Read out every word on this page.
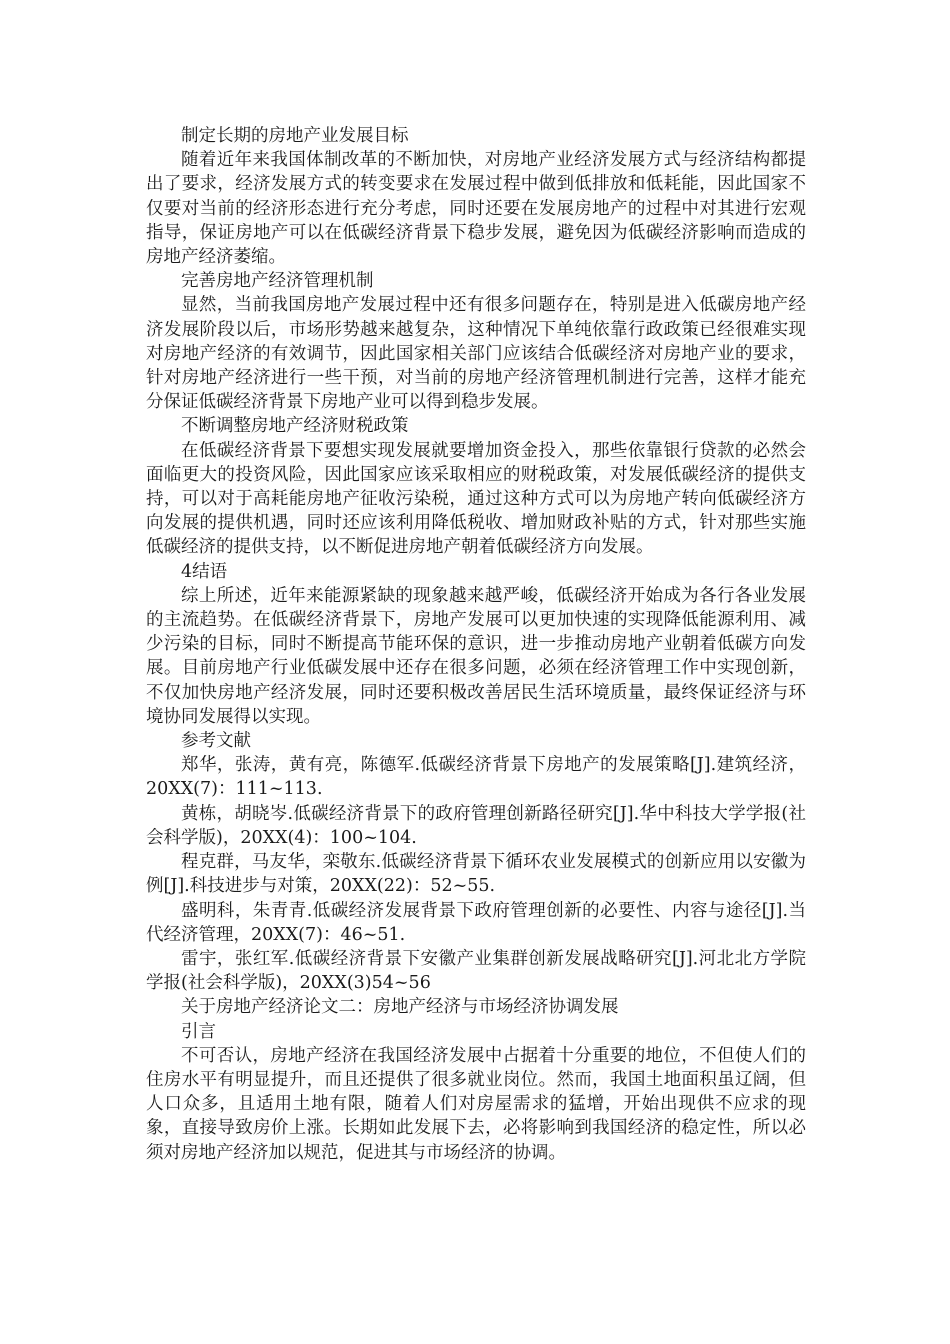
制定长期的房地产业发展目标

随着近年来我国体制改革的不断加快，对房地产业经济发展方式与经济结构都提出了要求，经济发展方式的转变要求在发展过程中做到低排放和低耗能，因此国家不仅要对当前的经济形态进行充分考虑，同时还要在发展房地产的过程中对其进行宏观指导，保证房地产可以在低碳经济背景下稳步发展，避免因为低碳经济影响而造成的房地产经济萎缩。

完善房地产经济管理机制

显然，当前我国房地产发展过程中还有很多问题存在，特别是进入低碳房地产经济发展阶段以后，市场形势越来越复杂，这种情况下单纯依靠行政政策已经很难实现对房地产经济的有效调节，因此国家相关部门应该结合低碳经济对房地产业的要求，针对房地产经济进行一些干预，对当前的房地产经济管理机制进行完善，这样才能充分保证低碳经济背景下房地产业可以得到稳步发展。

不断调整房地产经济财税政策

在低碳经济背景下要想实现发展就要增加资金投入，那些依靠银行贷款的必然会面临更大的投资风险，因此国家应该采取相应的财税政策，对发展低碳经济的提供支持，可以对于高耗能房地产征收污染税，通过这种方式可以为房地产转向低碳经济方向发展的提供机遇，同时还应该利用降低税收、增加财政补贴的方式，针对那些实施低碳经济的提供支持，以不断促进房地产朝着低碳经济方向发展。

4结语

综上所述，近年来能源紧缺的现象越来越严峻，低碳经济开始成为各行各业发展的主流趋势。在低碳经济背景下，房地产发展可以更加快速的实现降低能源利用、减少污染的目标，同时不断提高节能环保的意识，进一步推动房地产业朝着低碳方向发展。目前房地产行业低碳发展中还存在很多问题，必须在经济管理工作中实现创新，不仅加快房地产经济发展，同时还要积极改善居民生活环境质量，最终保证经济与环境协同发展得以实现。

参考文献

郑华，张涛，黄有亮，陈德军.低碳经济背景下房地产的发展策略[J].建筑经济，20XX(7)：111~113.

黄栋，胡晓岑.低碳经济背景下的政府管理创新路径研究[J].华中科技大学学报(社会科学版)，20XX(4)：100~104.

程克群，马友华，栾敬东.低碳经济背景下循环农业发展模式的创新应用以安徽为例[J].科技进步与对策，20XX(22)：52~55.

盛明科，朱青青.低碳经济发展背景下政府管理创新的必要性、内容与途径[J].当代经济管理，20XX(7)：46~51.

雷宇，张红军.低碳经济背景下安徽产业集群创新发展战略研究[J].河北北方学院学报(社会科学版)，20XX(3)54~56

关于房地产经济论文二：房地产经济与市场经济协调发展

引言

不可否认，房地产经济在我国经济发展中占据着十分重要的地位，不但使人们的住房水平有明显提升，而且还提供了很多就业岗位。然而，我国土地面积虽辽阔，但人口众多，且适用土地有限，随着人们对房屋需求的猛增，开始出现供不应求的现象，直接导致房价上涨。长期如此发展下去，必将影响到我国经济的稳定性，所以必须对房地产经济加以规范，促进其与市场经济的协调。
